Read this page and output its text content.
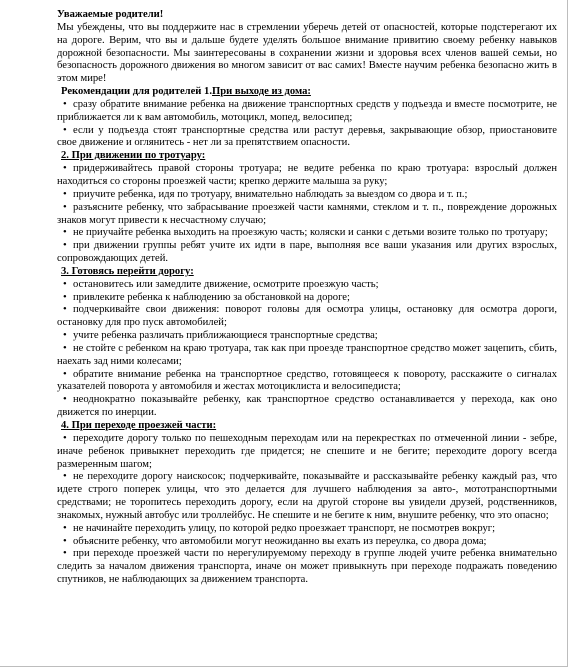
Уважаемые родители!

Мы убеждены, что вы поддержите нас в стремлении уберечь детей от опасностей, которые подстерегают их на дороге. Верим, что вы и дальше будете уделять большое внимание привитию своему ребенку навыков дорожной безопасности. Мы заинтересованы в сохранении жизни и здоровья всех членов вашей семьи, но безопасность дорожного движения во многом зависит от вас самих! Вместе научим ребенка безопасно жить в этом мире!

Рекомендации для родителей 1.При выходе из дома:

• сразу обратите внимание ребенка на движение транспортных средств у подъезда и вместе посмотрите, не приближается ли к вам автомобиль, мотоцикл, мопед, велосипед;

• если у подъезда стоят транспортные средства или растут деревья, закрывающие обзор, приостановите свое движение и оглянитесь - нет ли за препятствием опасности.

2. При движении по тротуару:

• придерживайтесь правой стороны тротуара; не ведите ребенка по краю тротуара: взрослый должен находиться со стороны проезжей части; крепко держите малыша за руку;

• приучите ребенка, идя по тротуару, внимательно наблюдать за выездом со двора и т. п.;

• разъясните ребенку, что забрасывание проезжей части камнями, стеклом и т. п., повреждение дорожных знаков могут привести к несчастному случаю;

• не приучайте ребенка выходить на проезжую часть; коляски и санки с детьми возите только по тротуару;

• при движении группы ребят учите их идти в паре, выполняя все ваши указания или других взрослых, сопровождающих детей.

3. Готовясь перейти дорогу:

• остановитесь или замедлите движение, осмотрите проезжую часть;

• привлеките ребенка к наблюдению за обстановкой на дороге;

• подчеркивайте свои движения: поворот головы для осмотра улицы, остановку для осмотра дороги, остановку для про пуск автомобилей;

• учите ребенка различать приближающиеся транспортные средства;

• не стойте с ребенком на краю тротуара, так как при проезде транспортное средство может зацепить, сбить, наехать зад ними колесами;

• обратите внимание ребенка на транспортное средство, готовящееся к повороту, расскажите о сигналах указателей поворота у автомобиля и жестах мотоциклиста и велосипедиста;

• неоднократно показывайте ребенку, как транспортное средство останавливается у перехода, как оно движется по инерции.

4. При переходе проезжей части:

• переходите дорогу только по пешеходным переходам или на перекрестках по отмеченной линии - зебре, иначе ребенок привыкнет переходить где придется; не спешите и не бегите; переходите дорогу всегда размеренным шагом;

• не переходите дорогу наискосок; подчеркивайте, показывайте и рассказывайте ребенку каждый раз, что идете строго поперек улицы, что это делается для лучшего наблюдения за авто-, мототранспортными средствами; не торопитесь переходить дорогу, если на другой стороне вы увидели друзей, родственников, знакомых, нужный автобус или троллейбус. Не спешите и не бегите к ним, внушите ребенку, что это опасно;

• не начинайте переходить улицу, по которой редко проезжает транспорт, не посмотрев вокруг;

• объясните ребенку, что автомобили могут неожиданно вы ехать из переулка, со двора дома;

• при переходе проезжей части по нерегулируемому переходу в группе людей учите ребенка внимательно следить за началом движения транспорта, иначе он может привыкнуть при переходе подражать поведению спутников, не наблюдающих за движением транспорта.
